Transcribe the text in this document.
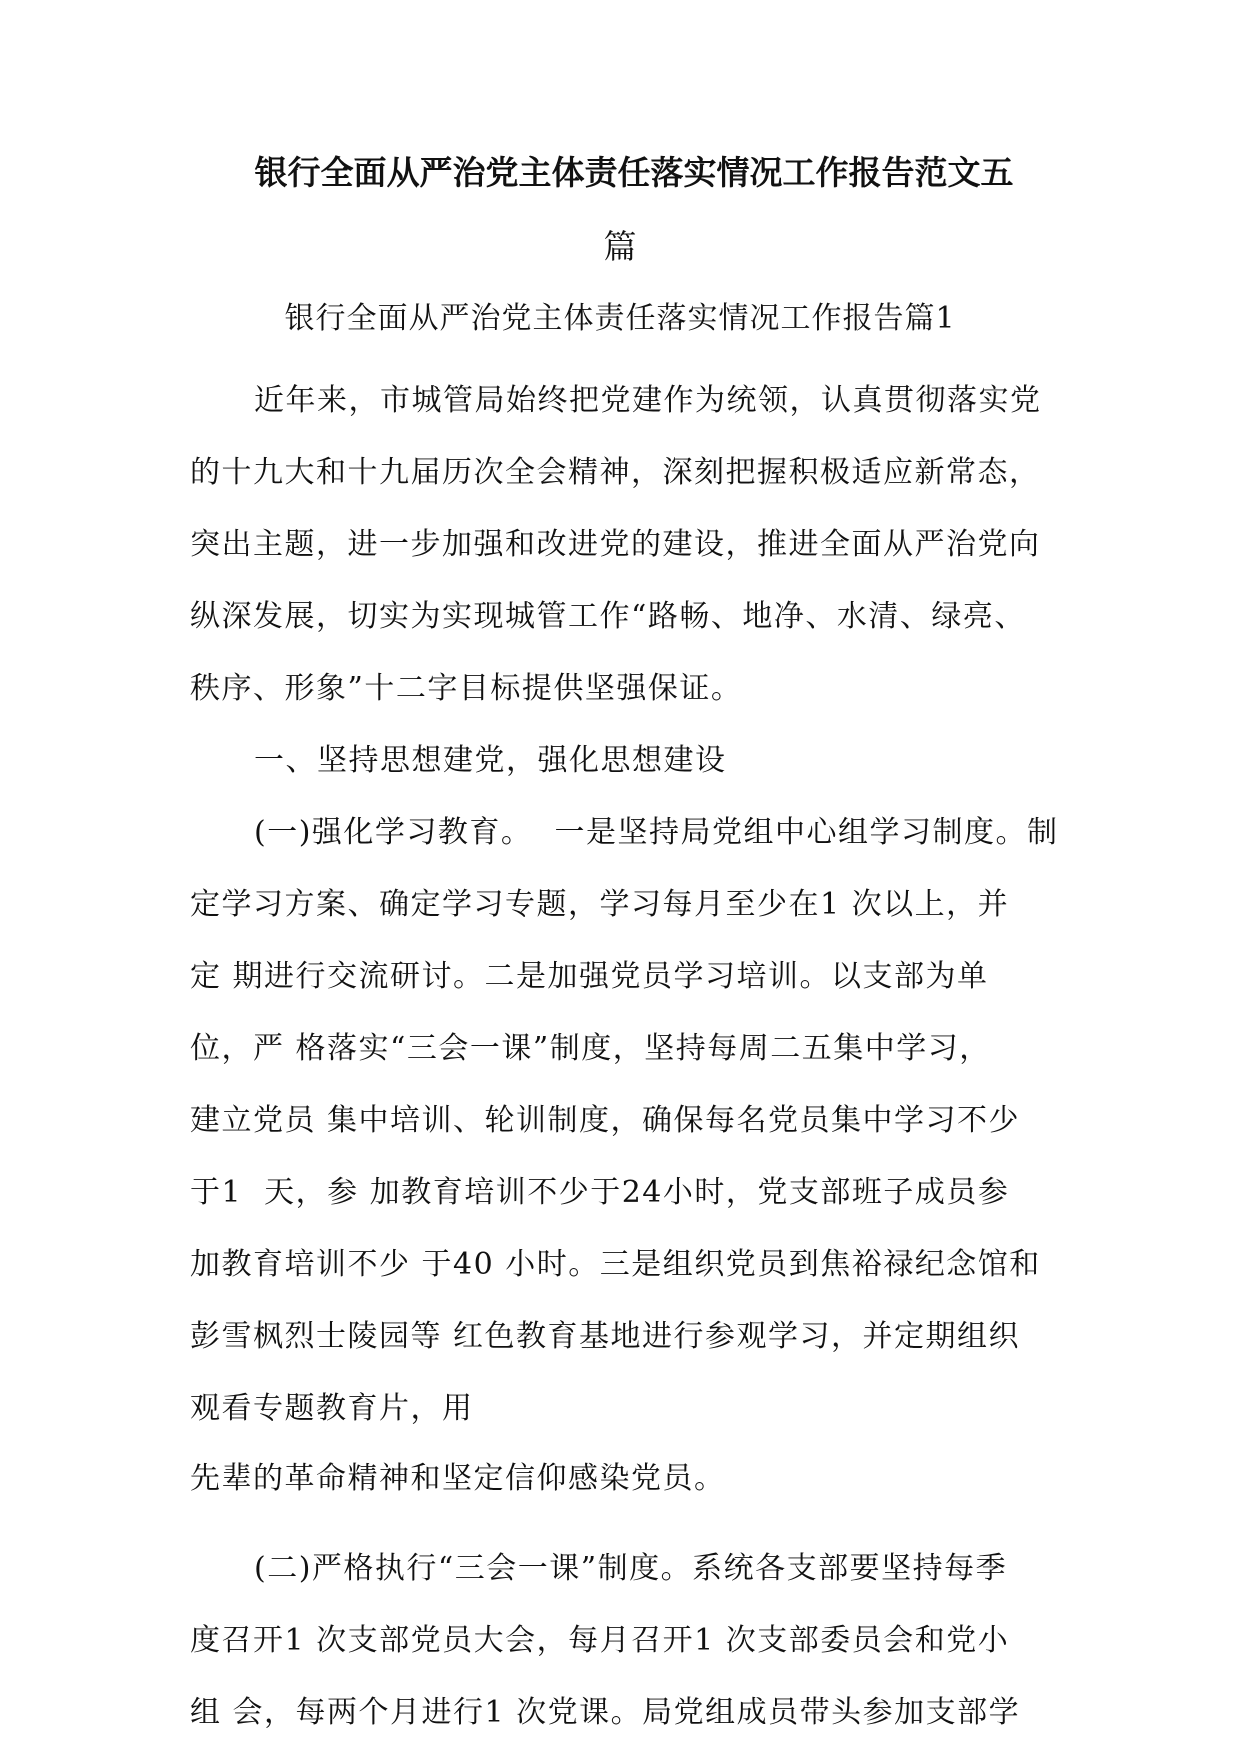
银行全面从严治党主体责任落实情况工作报告范文五
篇
银行全面从严治党主体责任落实情况工作报告篇1
近年来，市城管局始终把党建作为统领，认真贯彻落实党
的十九大和十九届历次全会精神，深刻把握积极适应新常态，
突出主题，进一步加强和改进党的建设，推进全面从严治党向
纵深发展，切实为实现城管工作“路畅、地净、水清、绿亮、
秩序、形象”十二字目标提供坚强保证。
一、坚持思想建党，强化思想建设
(一)强化学习教育。  一是坚持局党组中心组学习制度。制
定学习方案、确定学习专题，学习每月至少在1 次以上，并
定 期进行交流研讨。二是加强党员学习培训。以支部为单
位，严 格落实“三会一课”制度，坚持每周二五集中学习，
建立党员 集中培训、轮训制度，确保每名党员集中学习不少
于1  天，参 加教育培训不少于24小时，党支部班子成员参
加教育培训不少 于40 小时。三是组织党员到焦裕禄纪念馆和
彭雪枫烈士陵园等 红色教育基地进行参观学习，并定期组织
观看专题教育片，用
先辈的革命精神和坚定信仰感染党员。
(二)严格执行“三会一课”制度。系统各支部要坚持每季
度召开1 次支部党员大会，每月召开1 次支部委员会和党小
组 会，每两个月进行1 次党课。局党组成员带头参加支部学
